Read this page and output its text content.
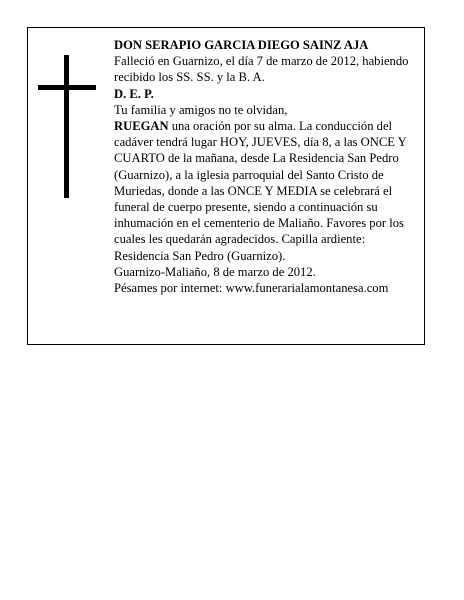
DON SERAPIO GARCIA DIEGO SAINZ AJA

Falleció en Guarnizo, el día 7 de marzo de 2012, habiendo recibido los SS. SS. y la B. A.

D. E. P.

Tu familia y amigos no te olvidan,

RUEGAN una oración por su alma. La conducción del cadáver tendrá lugar HOY, JUEVES, día 8, a las ONCE Y CUARTO de la mañana, desde La Residencia San Pedro (Guarnizo), a la iglesia parroquial del Santo Cristo de Muriedas, donde a las ONCE Y MEDIA se celebrará el funeral de cuerpo presente, siendo a continuación su inhumación en el cementerio de Maliaño. Favores por los cuales les quedarán agradecidos. Capilla ardiente: Residencia San Pedro (Guarnizo).

Guarnizo-Maliaño, 8 de marzo de 2012.

Pésames por internet: www.funerarialamontanesa.com
